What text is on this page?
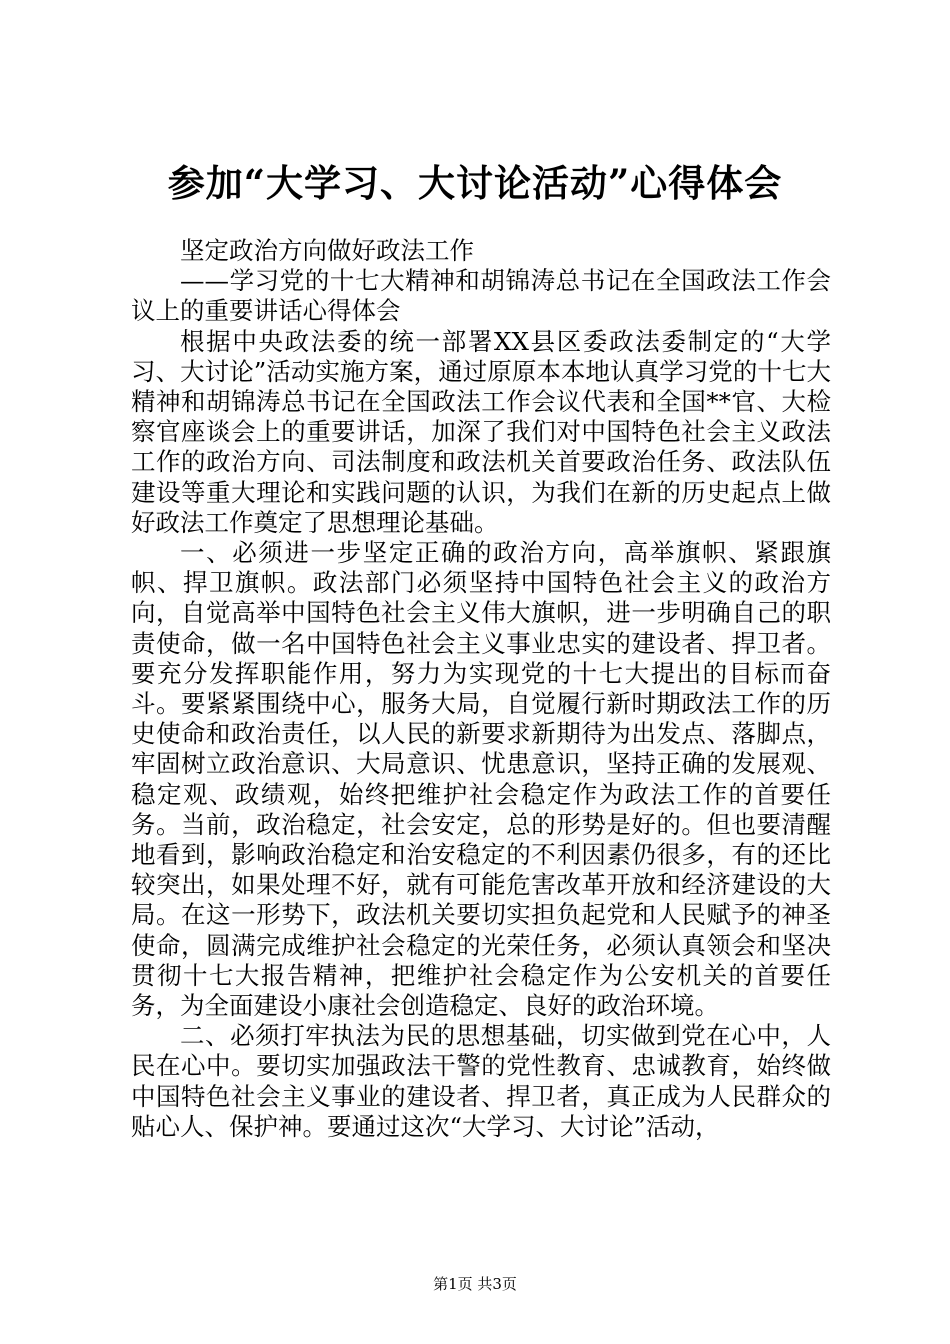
参加“大学习、大讨论活动”心得体会

坚定政治方向做好政法工作

——学习党的十七大精神和胡锦涛总书记在全国政法工作会议上的重要讲话心得体会

根据中央政法委的统一部署XX县区委政法委制定的“大学习、大讨论”活动实施方案，通过原原本本地认真学习党的十七大精神和胡锦涛总书记在全国政法工作会议代表和全国**官、大检察官座谈会上的重要讲话，加深了我们对中国特色社会主义政法工作的政治方向、司法制度和政法机关首要政治任务、政法队伍建设等重大理论和实践问题的认识，为我们在新的历史起点上做好政法工作奠定了思想理论基础。

一、必须进一步坚定正确的政治方向，高举旗帜、紧跟旗帜、捍卫旗帜。政法部门必须坚持中国特色社会主义的政治方向，自觉高举中国特色社会主义伟大旗帜，进一步明确自己的职责使命，做一名中国特色社会主义事业忠实的建设者、捍卫者。要充分发挥职能作用，努力为实现党的十七大提出的目标而奋斗。要紧紧围绕中心，服务大局，自觉履行新时期政法工作的历史使命和政治责任，以人民的新要求新期待为出发点、落脚点，牢固树立政治意识、大局意识、忧患意识，坚持正确的发展观、稳定观、政绩观，始终把维护社会稳定作为政法工作的首要任务。当前，政治稳定，社会安定，总的形势是好的。但也要清醒地看到，影响政治稳定和治安稳定的不利因素仍很多，有的还比较突出，如果处理不好，就有可能危害改革开放和经济建设的大局。在这一形势下，政法机关要切实担负起党和人民赋予的神圣使命，圆满完成维护社会稳定的光荣任务，必须认真领会和坚决贯彻十七大报告精神，把维护社会稳定作为公安机关的首要任务，为全面建设小康社会创造稳定、良好的政治环境。

二、必须打牢执法为民的思想基础，切实做到党在心中，人民在心中。要切实加强政法干警的党性教育、忠诚教育，始终做中国特色社会主义事业的建设者、捍卫者，真正成为人民群众的贴心人、保护神。要通过这次“大学习、大讨论”活动，

第1页 共3页
